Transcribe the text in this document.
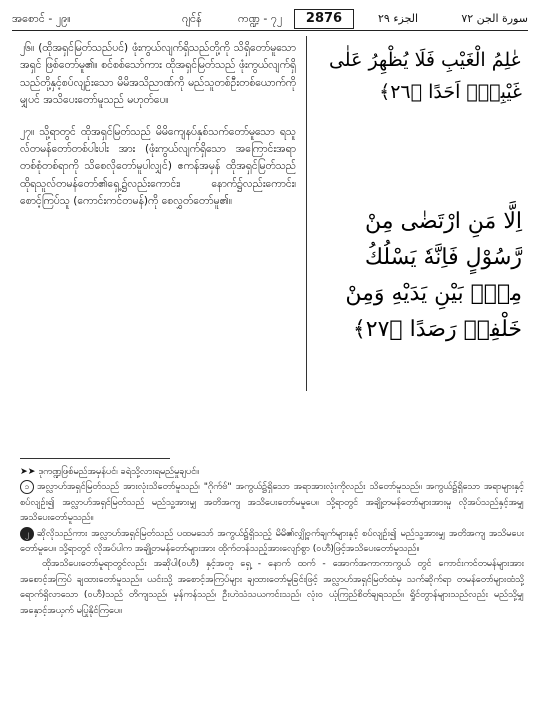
အစောင် - ၂၉။	ဂျင်န်	ကဏ္ဍ - ၇၂	2876	الجزء ٢٩	سورة الجن ٧٢

၂၆။ (ထိုအရှင်မြတ်သည်ပင်) ဖုံးကွယ်လျက်ရှိသည်တို့ကို သိရှိတော်မူသောအရှင် ဖြစ်တော်မူ၏။ စင်စစ်သော်ကား ထိုအရှင်မြတ်သည် ဖုံးကွယ်လျက်ရှိသည်တို့နှင့်စပ်လျဉ်းသော မိမိအသိညာဏ်ကို မည်သူတစ်ဦးတစ်ယောက်ကိုမျှပင် အသိပေးတော်မူသည် မဟုတ်ပေ။

၂၇။ သို့ရာတွင် ထိုအရှင်မြတ်သည် မိမိကျေနပ်နှစ်သက်တော်မူသော ရသူလ်တမန်တော်တစ်ပါးပါး အား (ဖုံးကွယ်လျက်ရှိသော အကြောင်းအရာ တစ်စုံတစ်ရာကို သိစေလိုတော်မူပါလျှင်) ဧကန်အမှန် ထိုအရှင်မြတ်သည် ထိုရသူလ်တမန်တော်၏ရှေ့၌လည်းကောင်း၊ နောက်၌လည်းကောင်း၊ စောင့်ကြပ်သူ (ကောင်းကင်တမန်)ကို စေလွှတ်တော်မူ၏။

عٰلِمُ الْغَیْبِ فَلَا یُظْهِرُ عَلٰی غَیْبِهٖۤ اَحَدًا ﴿٢٦﴾
اِلَّا مَنِ ارْتَضٰی مِنْ رَّسُوْلٍ فَاِنَّهٗ یَسْلُكُ مِنْۢ بَیْنِ یَدَیْهِ وَمِنْ خَلْفِهٖ رَصَدًا ﴿٢٧﴾

➤➤ ဒုကဏ္ဍဖြစ်မည်အမှန်ပင်၊ ခရဲသို့လားရမည်မှုချပင်။

၁ အလ္လာဟ်အရှင်မြတ်သည် အားလုံးသိတော်မူသည်၊ "ဂိုက်ဗ်" အကွယ်၌ရှိသော အရာအားလုံးကိုလည်း သိတော်မူသည်။ အကွယ်၌ရှိသော အရာများနှင့်စပ်လျဉ်း၍ အလ္လာဟ်အရှင်မြတ်သည် မည်သူ့အားမျှ အတိအကျ အသိပေးတော်မမူပေ။ သို့ရာတွင် အချို့တမန်တော်များအားမူ လိုအပ်သည်နှင့်အမျှ အသိပေးတော်မူသည်။

၂ ဆိုလိုသည်ကား အလ္လာဟ်အရှင်မြတ်သည် ပထမသော် အကွယ်၌ရှိသည့် မိမိ၏လျှို့ဝှက်ချက်များနှင့် စပ်လျဉ်း၍ မည်သူ့အားမျှ အတိအကျ အသိမပေးတော်မူပေ။ သို့ရာတွင် လိုအပ်ပါက အချို့တမန်တော်များအား ထိုက်တန်သည့်အားလျော်စွာ (ဝဟီ)ဖြင့်အသိပေးတော်မူသည်။

ထိုအသိပေးတော်မူရာတွင်လည်း အဆိုပါ(ဝဟီ) နှင့်အတူ ရှေ့ - နောက် ထက် - အောက်အကာကာကွယ် တွင် ကောင်းကင်တမန်များအား အစောင့်အကြပ် ချထားတော်မူသည်။ ယင်းသို့ အစောင့်အကြပ်များ ချထားတော်မူခြင်းဖြင့် အလ္လာဟ်အရှင်မြတ်ထံမှ သက်ဆိုက်ရာ တမန်တော်များထံသို့ ရောက်ရှိလာသော (ဝဟီ)သည် တိကျသည်၊ မှန်ကန်သည်၊ ဦးဟဲသံသယကင်းသည်၊ လုံးဝ ယုံကြည်စိတ်ချရသည်။ ရှိုင်တွာန်များသည်လည်း မည်သို့မျှ အနှောင့်အယှက် မပြုနိုင်ကြပေ။
